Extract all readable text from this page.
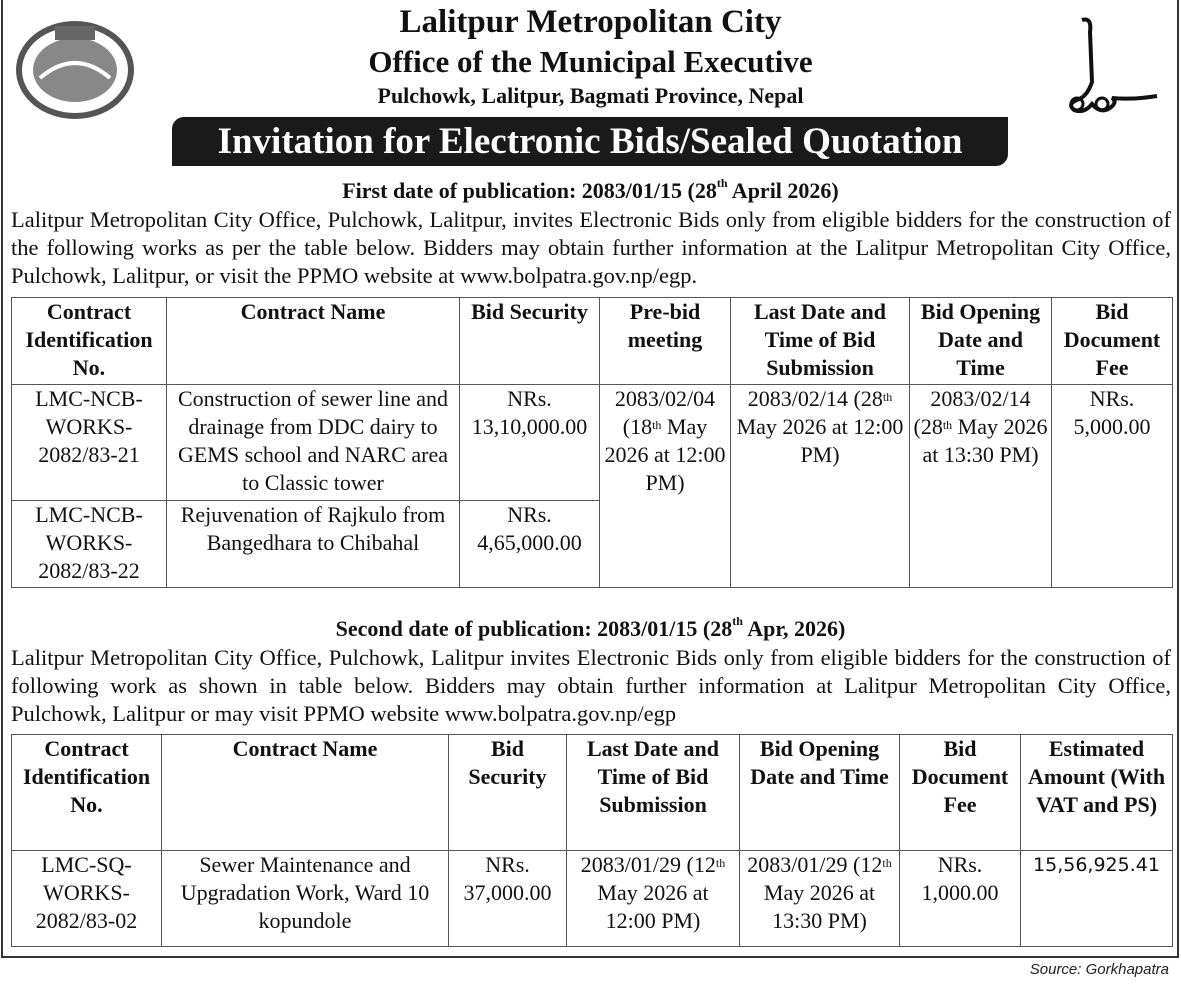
Lalitpur Metropolitan City
Office of the Municipal Executive
Pulchowk, Lalitpur, Bagmati Province, Nepal
Invitation for Electronic Bids/Sealed Quotation
First date of publication: 2083/01/15 (28th April 2026)
Lalitpur Metropolitan City Office, Pulchowk, Lalitpur, invites Electronic Bids only from eligible bidders for the construction of the following works as per the table below. Bidders may obtain further information at the Lalitpur Metropolitan City Office, Pulchowk, Lalitpur, or visit the PPMO website at www.bolpatra.gov.np/egp.
Contract Identification No.	Contract Name	Bid Security	Pre-bid meeting	Last Date and Time of Bid Submission	Bid Opening Date and Time	Bid Document Fee
LMC-NCB-WORKS-2082/83-21	Construction of sewer line and drainage from DDC dairy to GEMS school and NARC area to Classic tower	NRs. 13,10,000.00	2083/02/04 (18th May 2026 at 12:00 PM)	2083/02/14 (28th May 2026 at 12:00 PM)	2083/02/14 (28th May 2026 at 13:30 PM)	NRs. 5,000.00
LMC-NCB-WORKS-2082/83-22	Rejuvenation of Rajkulo from Bangedhara to Chibahal	NRs. 4,65,000.00
Second date of publication: 2083/01/15 (28th Apr, 2026)
Lalitpur Metropolitan City Office, Pulchowk, Lalitpur invites Electronic Bids only from eligible bidders for the construction of following work as shown in table below. Bidders may obtain further information at Lalitpur Metropolitan City Office, Pulchowk, Lalitpur or may visit PPMO website www.bolpatra.gov.np/egp
Contract Identification No.	Contract Name	Bid Security	Last Date and Time of Bid Submission	Bid Opening Date and Time	Bid Document Fee	Estimated Amount (With VAT and PS)
LMC-SQ-WORKS-2082/83-02	Sewer Maintenance and Upgradation Work, Ward 10 kopundole	NRs. 37,000.00	2083/01/29 (12th May 2026 at 12:00 PM)	2083/01/29 (12th May 2026 at 13:30 PM)	NRs. 1,000.00	15,56,925.41
Source: Gorkhapatra
